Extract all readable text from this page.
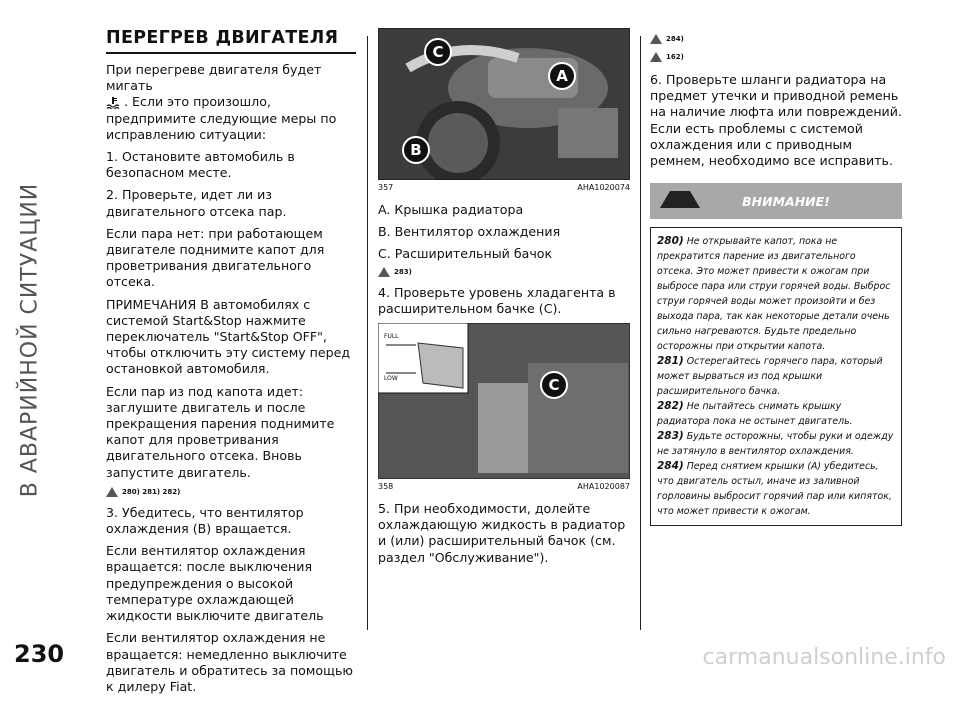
В АВАРИЙНОЙ СИТУАЦИИ
230	carmanualsonline.info
ПЕРЕГРЕВ ДВИГАТЕЛЯ

При перегреве двигателя будет мигать
. Если это произошло, предпримите следующие меры по исправлению ситуации:

1. Остановите автомобиль в безопасном месте.

2. Проверьте, идет ли из двигательного отсека пар.

Если пара нет: при работающем двигателе поднимите капот для проветривания двигательного отсека.

ПРИМЕЧАНИЯ В автомобилях с системой Start&Stop нажмите переключатель "Start&Stop OFF", чтобы отключить эту систему перед остановкой автомобиля.

Если пар из под капота идет: заглушите двигатель и после прекращения парения поднимите капот для проветривания двигательного отсека. Вновь запустите двигатель.

280) 281) 282)

3. Убедитесь, что вентилятор охлаждения (B) вращается.

Если вентилятор охлаждения вращается: после выключения предупреждения о высокой температуре охлаждающей жидкости выключите двигатель

Если вентилятор охлаждения не вращается: немедленно выключите двигатель и обратитесь за помощью к дилеру Fiat.

C
A
B
357	AHA1020074

A. Крышка радиатора

B. Вентилятор охлаждения

C. Расширительный бачок

283)

4. Проверьте уровень хладагента в расширительном бачке (C).

FULL
LOW	C
358	AHA1020087

5. При необходимости, долейте охлаждающую жидкость в радиатор и (или) расширительный бачок (см. раздел "Обслуживание").

284)
162)

6. Проверьте шланги радиатора на предмет утечки и приводной ремень на наличие люфта или повреждений. Если есть проблемы с системой охлаждения или с приводным ремнем, необходимо все исправить.

ВНИМАНИЕ!

280) Не открывайте капот, пока не прекратится парение из двигательного отсека. Это может привести к ожогам при выбросе пара или струи горячей воды. Выброс струи горячей воды может произойти и без выхода пара, так как некоторые детали очень сильно нагреваются. Будьте предельно осторожны при открытии капота.

281) Остерегайтесь горячего пара, который может вырваться из под крышки расширительного бачка.

282) Не пытайтесь снимать крышку радиатора пока не остынет двигатель.

283) Будьте осторожны, чтобы руки и одежду не затянуло в вентилятор охлаждения.

284) Перед снятием крышки (A) убедитесь, что двигатель остыл, иначе из заливной горловины выбросит горячий пар или кипяток, что может привести к ожогам.
